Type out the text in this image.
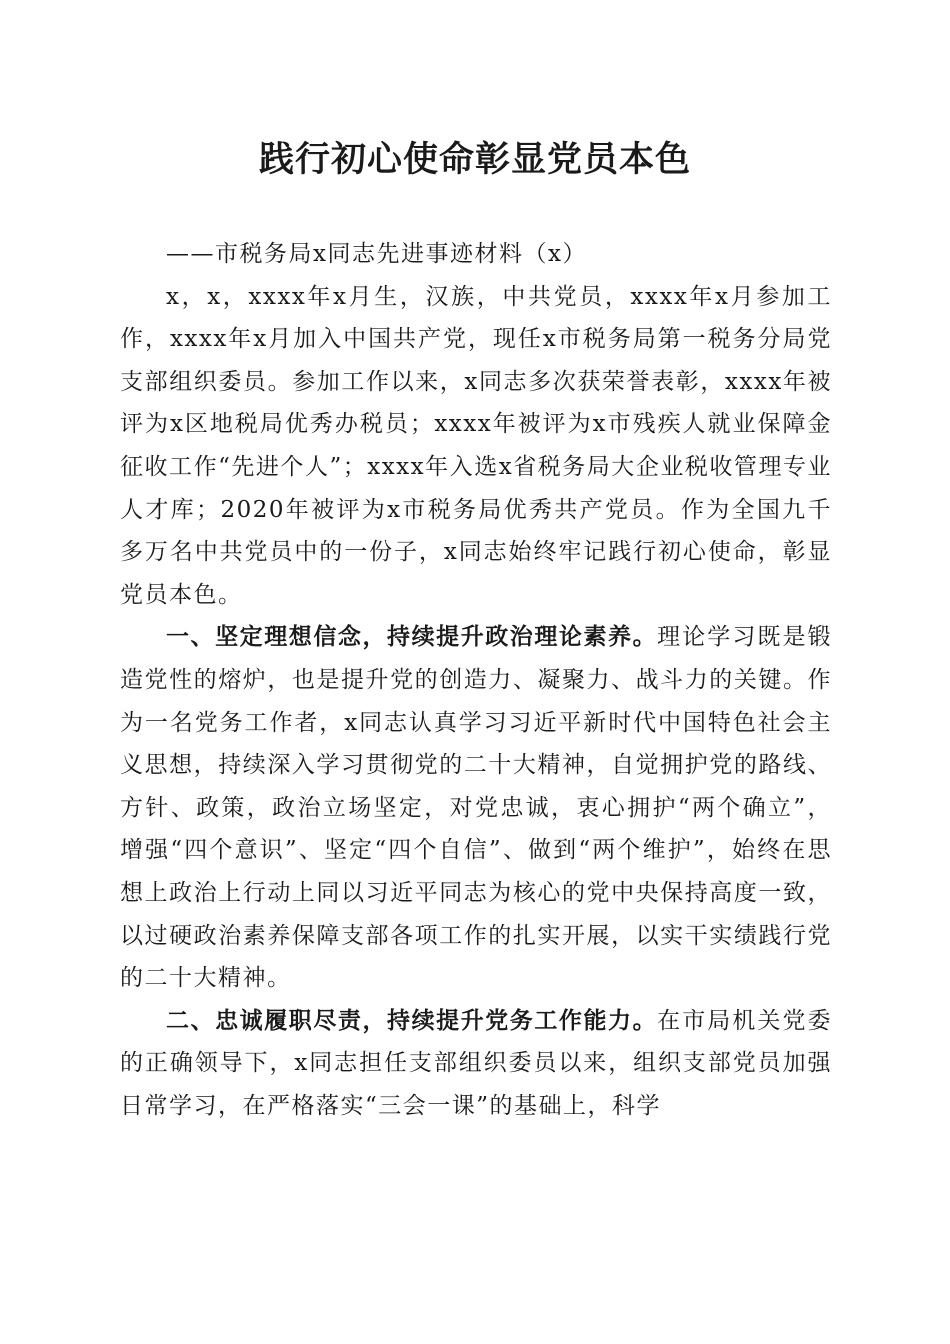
践行初心使命彰显党员本色

——市税务局x同志先进事迹材料（x）

x，x，xxxx年x月生，汉族，中共党员，xxxx年x月参加工作，xxxx年x月加入中国共产党，现任x市税务局第一税务分局党支部组织委员。参加工作以来，x同志多次获荣誉表彰，xxxx年被评为x区地税局优秀办税员；xxxx年被评为x市残疾人就业保障金征收工作“先进个人”；xxxx年入选x省税务局大企业税收管理专业人才库；2020年被评为x市税务局优秀共产党员。作为全国九千多万名中共党员中的一份子，x同志始终牢记践行初心使命，彰显党员本色。

一、坚定理想信念，持续提升政治理论素养。理论学习既是锻造党性的熔炉，也是提升党的创造力、凝聚力、战斗力的关键。作为一名党务工作者，x同志认真学习习近平新时代中国特色社会主义思想，持续深入学习贯彻党的二十大精神，自觉拥护党的路线、方针、政策，政治立场坚定，对党忠诚，衷心拥护“两个确立”，增强“四个意识”、坚定“四个自信”、做到“两个维护”，始终在思想上政治上行动上同以习近平同志为核心的党中央保持高度一致，以过硬政治素养保障支部各项工作的扎实开展，以实干实绩践行党的二十大精神。

二、忠诚履职尽责，持续提升党务工作能力。在市局机关党委的正确领导下，x同志担任支部组织委员以来，组织支部党员加强日常学习，在严格落实“三会一课”的基础上，科学
